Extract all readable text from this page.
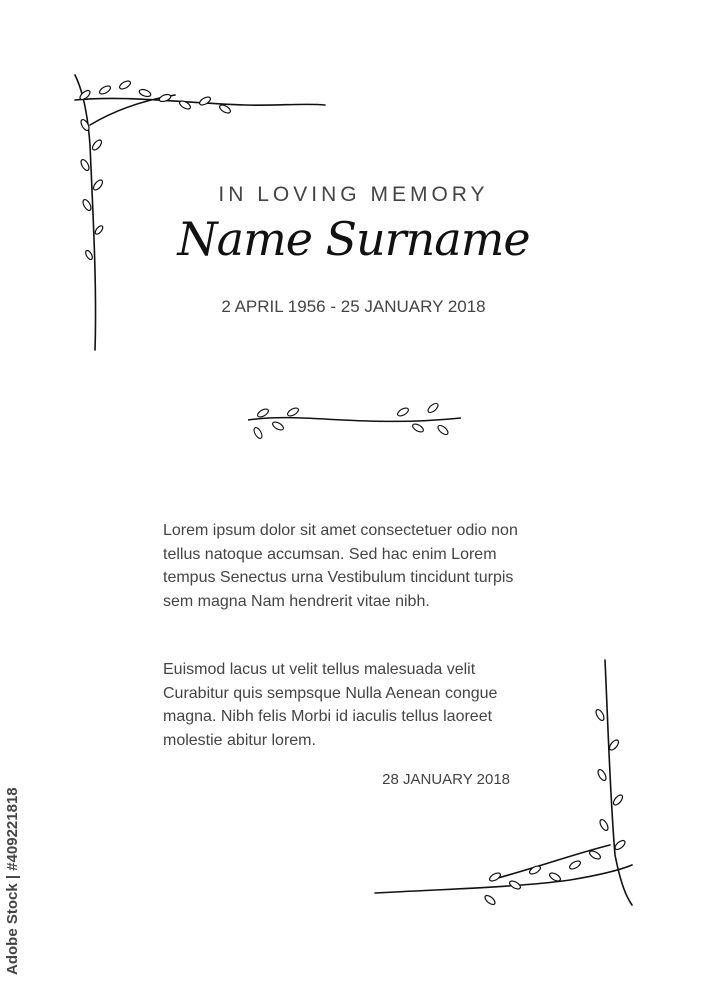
IN LOVING MEMORY
Name Surname
2 APRIL 1956 - 25 JANUARY 2018
Lorem ipsum dolor sit amet consectetuer odio non tellus natoque accumsan. Sed hac enim Lorem tempus Senectus urna Vestibulum tincidunt turpis sem magna Nam hendrerit vitae nibh.
Euismod lacus ut velit tellus malesuada velit Curabitur quis sempsque Nulla Aenean congue magna. Nibh felis Morbi id iaculis tellus laoreet molestie abitur lorem.
28 JANUARY 2018
Adobe Stock | #409221818
